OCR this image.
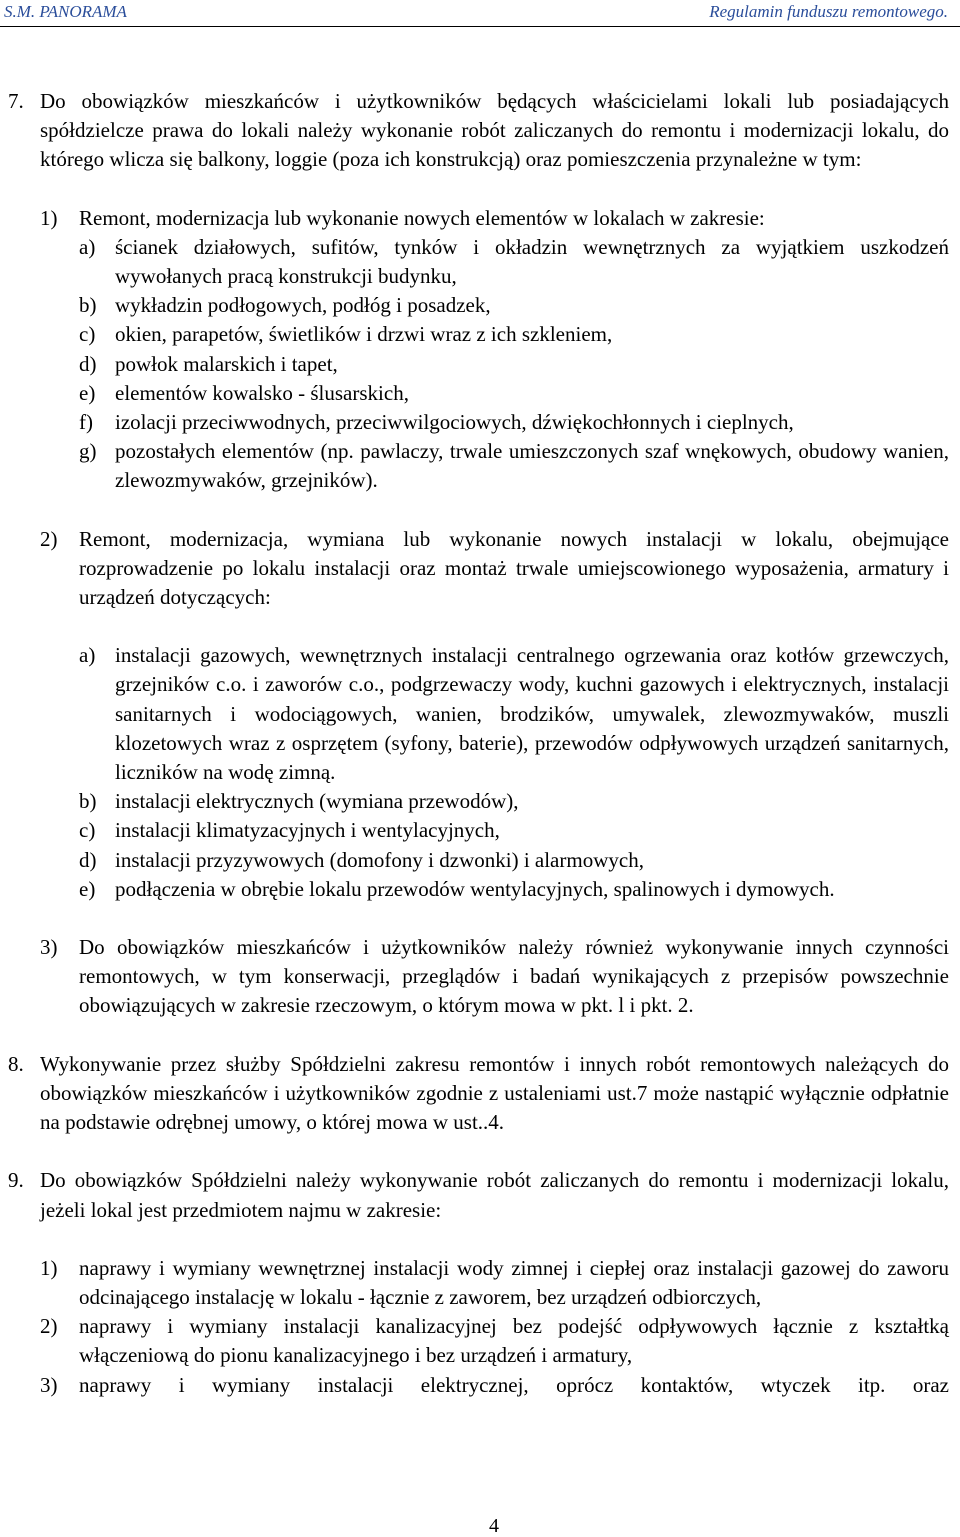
S.M. PANORAMA	Regulamin funduszu remontowego.
7. Do obowiązków mieszkańców i użytkowników będących właścicielami lokali lub posiadających spółdzielcze prawa do lokali należy wykonanie robót zaliczanych do remontu i modernizacji lokalu, do którego wlicza się balkony, loggie (poza ich konstrukcją) oraz pomieszczenia przynależne w tym:
1) Remont, modernizacja lub wykonanie nowych elementów w lokalach w zakresie:
a) ścianek działowych, sufitów, tynków i okładzin wewnętrznych za wyjątkiem uszkodzeń wywołanych pracą konstrukcji budynku,
b) wykładzin podłogowych, podłóg i posadzek,
c) okien, parapetów, świetlików i drzwi wraz z ich szkleniem,
d) powłok malarskich i tapet,
e) elementów kowalsko - ślusarskich,
f) izolacji przeciwwodnych, przeciwwilgociowych, dźwiękochłonnych i cieplnych,
g) pozostałych elementów (np. pawlaczy, trwale umieszczonych szaf wnękowych, obudowy wanien, zlewozmywaków, grzejników).
2) Remont, modernizacja, wymiana lub wykonanie nowych instalacji w lokalu, obejmujące rozprowadzenie po lokalu instalacji oraz montaż trwale umiejscowionego wyposażenia, armatury i urządzeń dotyczących:
a) instalacji gazowych, wewnętrznych instalacji centralnego ogrzewania oraz kotłów grzewczych, grzejników c.o. i zaworów c.o., podgrzewaczy wody, kuchni gazowych i elektrycznych, instalacji sanitarnych i wodociągowych, wanien, brodzików, umywalek, zlewozmywaków, muszli klozetowych wraz z osprzętem (syfony, baterie), przewodów odpływowych urządzeń sanitarnych, liczników na wodę zimną.
b) instalacji elektrycznych (wymiana przewodów),
c) instalacji klimatyzacyjnych i wentylacyjnych,
d) instalacji przyzywowych (domofony i dzwonki) i alarmowych,
e) podłączenia w obrębie lokalu przewodów wentylacyjnych, spalinowych i dymowych.
3) Do obowiązków mieszkańców i użytkowników należy również wykonywanie innych czynności remontowych, w tym konserwacji, przeglądów i badań wynikających z przepisów powszechnie obowiązujących w zakresie rzeczowym, o którym mowa w pkt. l i pkt. 2.
8. Wykonywanie przez służby Spółdzielni zakresu remontów i innych robót remontowych należących do obowiązków mieszkańców i użytkowników zgodnie z ustaleniami ust.7 może nastąpić wyłącznie odpłatnie na podstawie odrębnej umowy, o której mowa w ust..4.
9. Do obowiązków Spółdzielni należy wykonywanie robót zaliczanych do remontu i modernizacji lokalu, jeżeli lokal jest przedmiotem najmu w zakresie:
1) naprawy i wymiany wewnętrznej instalacji wody zimnej i ciepłej oraz instalacji gazowej do zaworu odcinającego instalację w lokalu - łącznie z zaworem, bez urządzeń odbiorczych,
2) naprawy i wymiany instalacji kanalizacyjnej bez podejść odpływowych łącznie z kształtką włączeniową do pionu kanalizacyjnego i bez urządzeń i armatury,
3) naprawy i wymiany instalacji elektrycznej, oprócz kontaktów, wtyczek itp. oraz
4
